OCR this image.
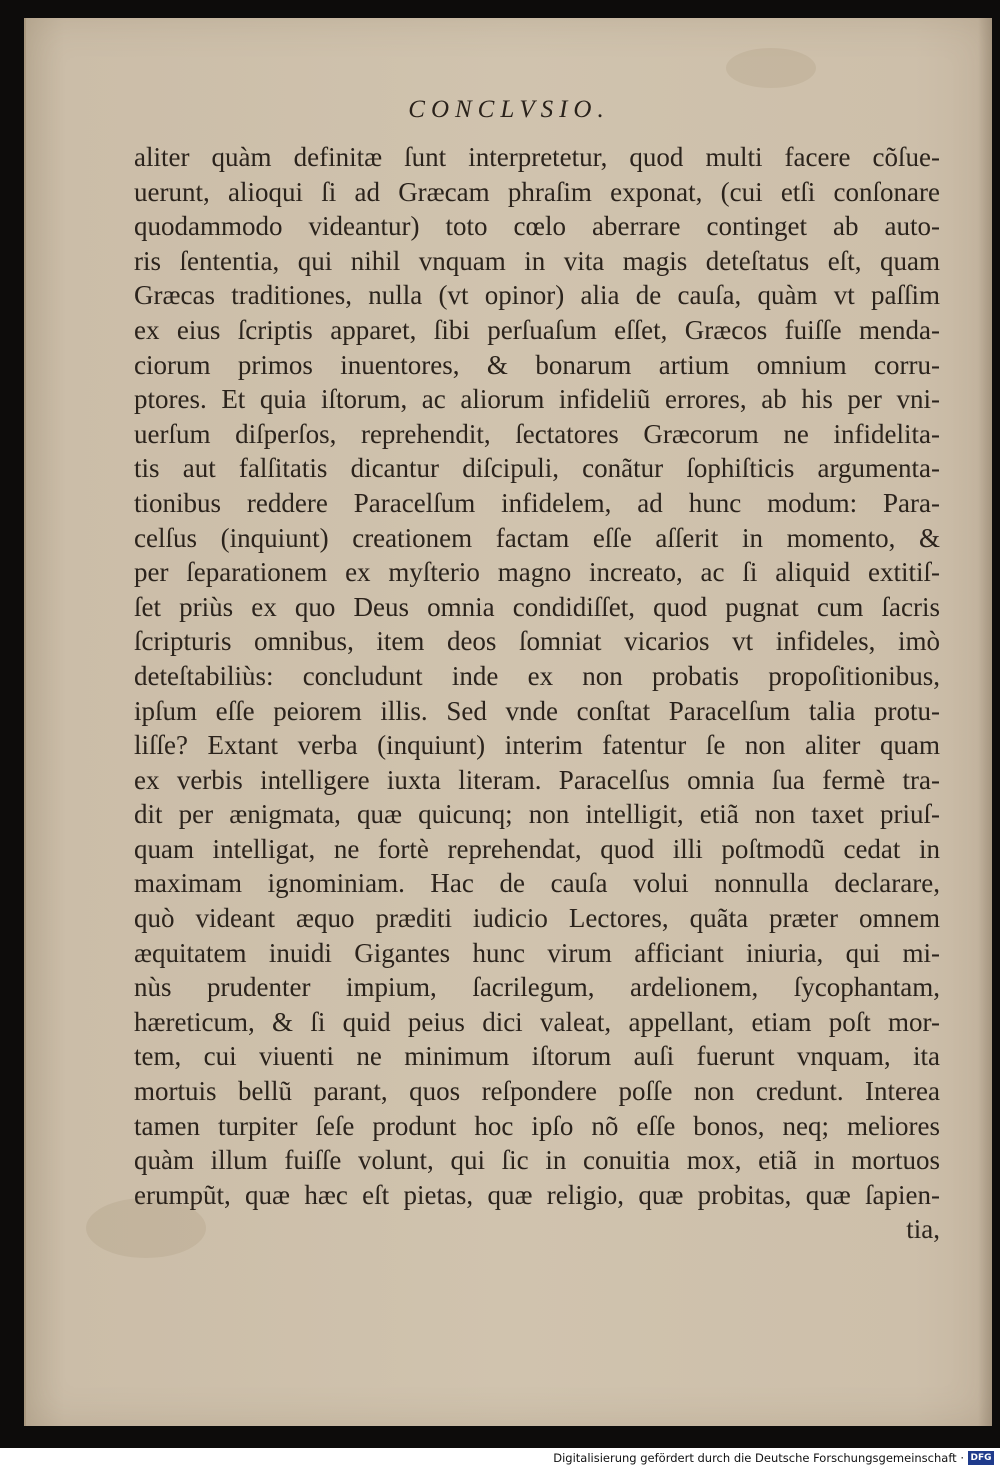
CONCLVSIO.
aliter quàm definitæ ſunt interpretetur, quod multi facere cõſue-
uerunt, alioqui ſi ad Græcam phraſim exponat, (cui etſi conſonare
quodammodo videantur) toto cœlo aberrare continget ab auto-
ris ſententia, qui nihil vnquam in vita magis deteſtatus eſt, quam
Græcas traditiones, nulla (vt opinor) alia de cauſa, quàm vt paſſim
ex eius ſcriptis apparet, ſibi perſuaſum eſſet, Græcos fuiſſe menda-
ciorum primos inuentores, & bonarum artium omnium corru-
ptores. Et quia iſtorum, ac aliorum infideliũ errores, ab his per vni-
uerſum diſperſos, reprehendit, ſectatores Græcorum ne infidelita-
tis aut falſitatis dicantur diſcipuli, conãtur ſophiſticis argumenta-
tionibus reddere Paracelſum infidelem, ad hunc modum: Para-
celſus (inquiunt) creationem factam eſſe aſſerit in momento, &
per ſeparationem ex myſterio magno increato, ac ſi aliquid extitiſ-
ſet priùs ex quo Deus omnia condidiſſet, quod pugnat cum ſacris
ſcripturis omnibus, item deos ſomniat vicarios vt infideles, imò
deteſtabiliùs: concludunt inde ex non probatis propoſitionibus,
ipſum eſſe peiorem illis. Sed vnde conſtat Paracelſum talia protu-
liſſe? Extant verba (inquiunt) interim fatentur ſe non aliter quam
ex verbis intelligere iuxta literam. Paracelſus omnia ſua fermè tra-
dit per ænigmata, quæ quicunq; non intelligit, etiã non taxet priuſ-
quam intelligat, ne fortè reprehendat, quod illi poſtmodũ cedat in
maximam ignominiam. Hac de cauſa volui nonnulla declarare,
quò videant æquo præditi iudicio Lectores, quãta præter omnem
æquitatem inuidi Gigantes hunc virum afficiant iniuria, qui mi-
nùs prudenter impium, ſacrilegum, ardelionem, ſycophantam,
hæreticum, & ſi quid peius dici valeat, appellant, etiam poſt mor-
tem, cui viuenti ne minimum iſtorum auſi fuerunt vnquam, ita
mortuis bellũ parant, quos reſpondere poſſe non credunt. Interea
tamen turpiter ſeſe produnt hoc ipſo nõ eſſe bonos, neq; meliores
quàm illum fuiſſe volunt, qui ſic in conuitia mox, etiã in mortuos
erumpũt, quæ hæc eſt pietas, quæ religio, quæ probitas, quæ ſapien-
tia,
Digitalisierung gefördert durch die Deutsche Forschungsgemeinschaft · DFG
